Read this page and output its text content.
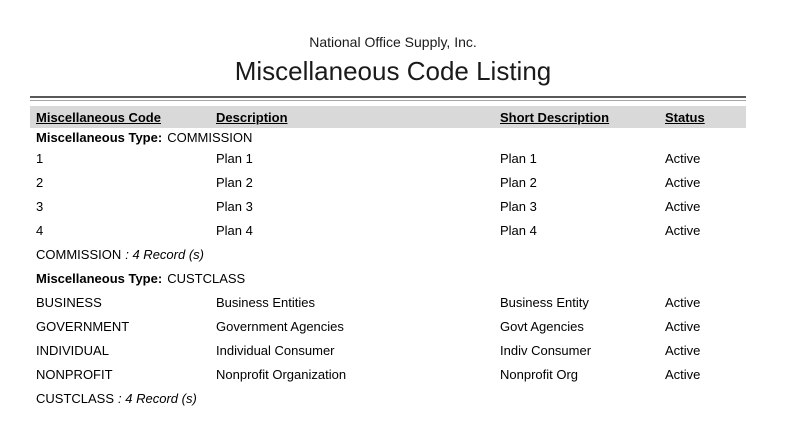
National Office Supply, Inc.
Miscellaneous Code Listing
Miscellaneous Code	Description	Short Description	Status
Miscellaneous Type: COMMISSION
1	Plan 1	Plan 1	Active
2	Plan 2	Plan 2	Active
3	Plan 3	Plan 3	Active
4	Plan 4	Plan 4	Active
COMMISSION : 4 Record (s)
Miscellaneous Type: CUSTCLASS
BUSINESS	Business Entities	Business Entity	Active
GOVERNMENT	Government Agencies	Govt Agencies	Active
INDIVIDUAL	Individual Consumer	Indiv Consumer	Active
NONPROFIT	Nonprofit Organization	Nonprofit Org	Active
CUSTCLASS : 4 Record (s)
